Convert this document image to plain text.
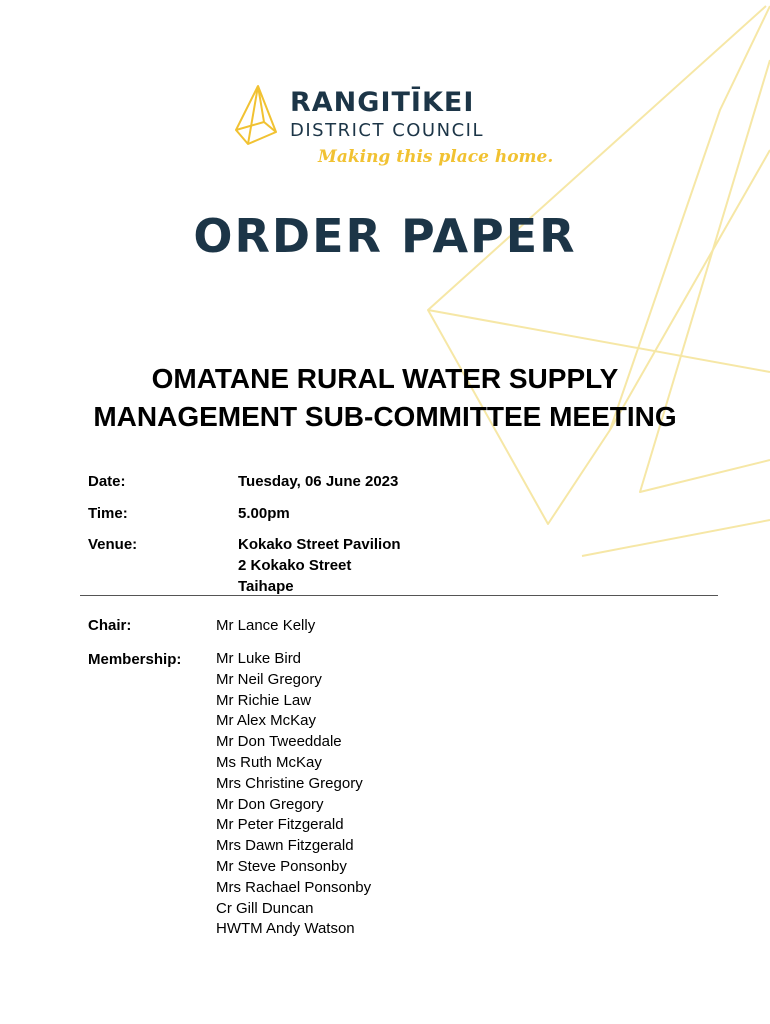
RANGITĪKEI
DISTRICT COUNCIL
Making this place home.
ORDER PAPER
OMATANE RURAL WATER SUPPLY
MANAGEMENT SUB-COMMITTEE MEETING
Date:	Tuesday, 06 June 2023
Time:	5.00pm
Venue:	Kokako Street Pavilion
2 Kokako Street
Taihape
Chair:	Mr Lance Kelly
Membership: Mr Luke Bird
Mr Neil Gregory
Mr Richie Law
Mr Alex McKay
Mr Don Tweeddale
Ms Ruth McKay
Mrs Christine Gregory
Mr Don Gregory
Mr Peter Fitzgerald
Mrs Dawn Fitzgerald
Mr Steve Ponsonby
Mrs Rachael Ponsonby
Cr Gill Duncan
HWTM Andy Watson
